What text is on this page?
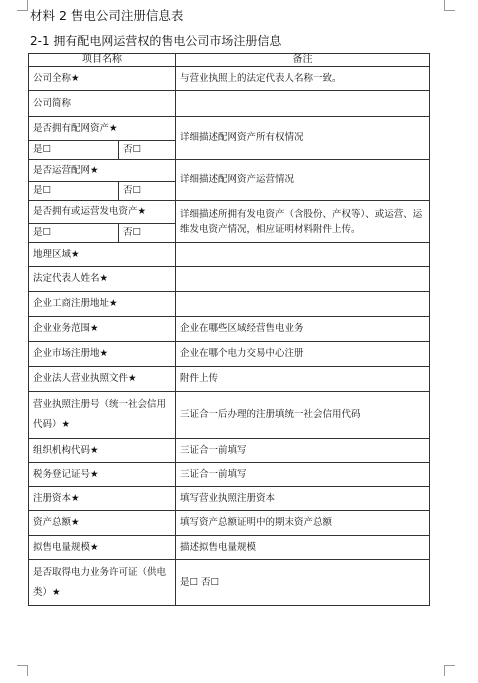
材料 2 售电公司注册信息表
2-1 拥有配电网运营权的售电公司市场注册信息
项目名称		备注
公司全称★		与营业执照上的法定代表人名称一致。
公司简称		
是否拥有配网资产★		详细描述配网资产所有权情况
是☐	否☐	
是否运营配网★		详细描述配网资产运营情况
是☐	否☐	
是否拥有或运营发电资产★		详细描述所拥有发电资产（含股份、产权等）、或运营、运维发电资产情况，相应证明材料附件上传。
是☐	否☐	
地理区域★		
法定代表人姓名★		
企业工商注册地址★		
企业业务范围★		企业在哪些区域经营售电业务
企业市场注册地★		企业在哪个电力交易中心注册
企业法人营业执照文件★		附件上传
营业执照注册号（统一社会信用代码）★		三证合一后办理的注册填统一社会信用代码
组织机构代码★		三证合一前填写
税务登记证号★		三证合一前填写
注册资本★		填写营业执照注册资本
资产总额★		填写资产总额证明中的期末资产总额
拟售电量规模★		描述拟售电量规模
是否取得电力业务许可证（供电类）★		是☐ 否☐
